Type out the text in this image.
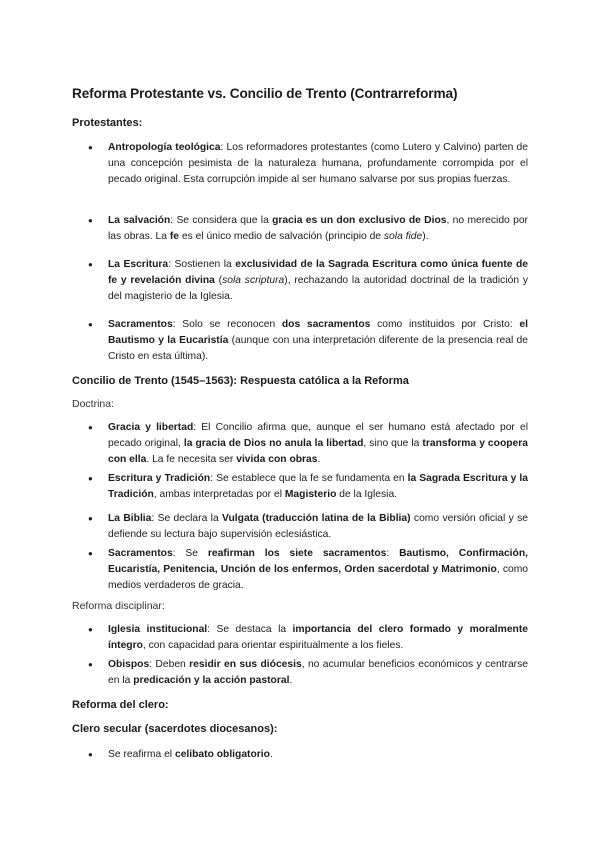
Reforma Protestante vs. Concilio de Trento (Contrarreforma)
Protestantes:
● Antropología teológica: Los reformadores protestantes (como Lutero y Calvino) parten de una concepción pesimista de la naturaleza humana, profundamente corrompida por el pecado original. Esta corrupción impide al ser humano salvarse por sus propias fuerzas.
● La salvación: Se considera que la gracia es un don exclusivo de Dios, no merecido por las obras. La fe es el único medio de salvación (principio de sola fide).
● La Escritura: Sostienen la exclusividad de la Sagrada Escritura como única fuente de fe y revelación divina (sola scriptura), rechazando la autoridad doctrinal de la tradición y del magisterio de la Iglesia.
● Sacramentos: Solo se reconocen dos sacramentos como instituidos por Cristo: el Bautismo y la Eucaristía (aunque con una interpretación diferente de la presencia real de Cristo en esta última).
Concilio de Trento (1545–1563): Respuesta católica a la Reforma
Doctrina:
● Gracia y libertad: El Concilio afirma que, aunque el ser humano está afectado por el pecado original, la gracia de Dios no anula la libertad, sino que la transforma y coopera con ella. La fe necesita ser vivida con obras.
● Escritura y Tradición: Se establece que la fe se fundamenta en la Sagrada Escritura y la Tradición, ambas interpretadas por el Magisterio de la Iglesia.
● La Biblia: Se declara la Vulgata (traducción latina de la Biblia) como versión oficial y se defiende su lectura bajo supervisión eclesiástica.
● Sacramentos: Se reafirman los siete sacramentos: Bautismo, Confirmación, Eucaristía, Penitencia, Unción de los enfermos, Orden sacerdotal y Matrimonio, como medios verdaderos de gracia.
Reforma disciplinar:
● Iglesia institucional: Se destaca la importancia del clero formado y moralmente íntegro, con capacidad para orientar espiritualmente a los fieles.
● Obispos: Deben residir en sus diócesis, no acumular beneficios económicos y centrarse en la predicación y la acción pastoral.
Reforma del clero:
Clero secular (sacerdotes diocesanos):
● Se reafirma el celibato obligatorio.
